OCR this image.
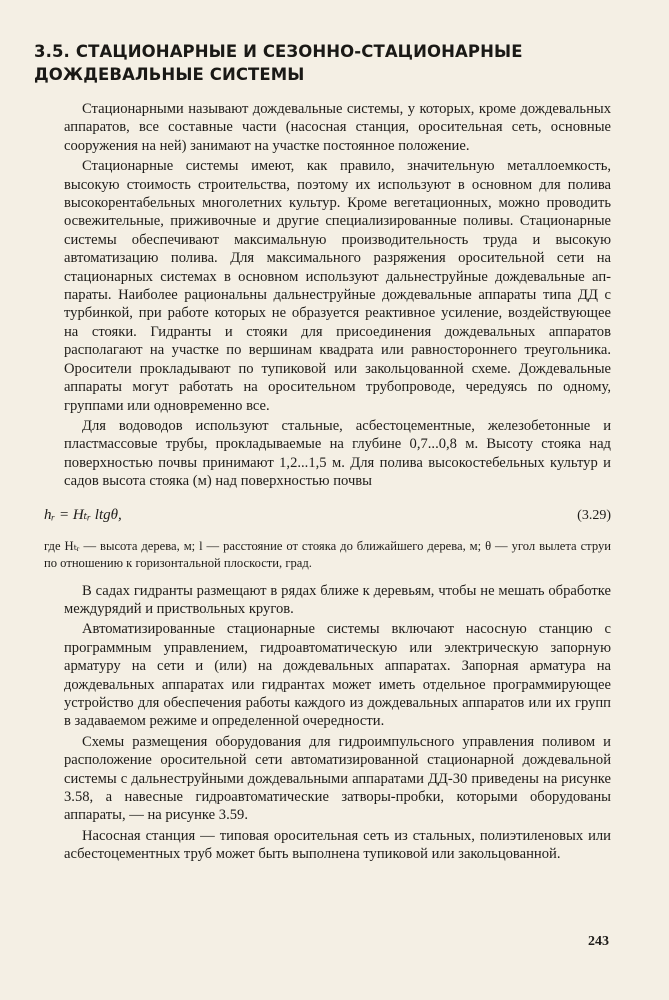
3.5. СТАЦИОНАРНЫЕ И СЕЗОННО-СТАЦИОНАРНЫЕ ДОЖДЕВАЛЬНЫЕ СИСТЕМЫ

Стационарными называют дождевальные системы, у которых, кроме дождевальных аппаратов, все составные части (насосная станция, оросительная сеть, основные сооружения на ней) занимают на участке постоянное положение.

Стационарные системы имеют, как правило, значительную металлоемкость, высокую стоимость строительства, поэтому их используют в основном для полива высокорентабельных многолетних культур. Кроме вегетационных, можно проводить освежительные, приживочные и другие специализированные поливы. Стационарные системы обеспечивают максимальную производительность труда и высокую автоматизацию полива. Для максимального разряжения оросительной сети на стационарных системах в основном используют дальнеструйные дождевальные аппараты. Наиболее рациональны дальнеструйные дождевальные аппараты типа ДД с турбинкой, при работе которых не образуется реактивное усиление, воздействующее на стояки. Гидранты и стояки для присоединения дождевальных аппаратов располагают на участке по вершинам квадрата или равностороннего треугольника. Оросители прокладывают по тупиковой или закольцованной схеме. Дождевальные аппараты могут работать на оросительном трубопроводе, чередуясь по одному, группами или одновременно все.

Для водоводов используют стальные, асбестоцементные, железобетонные и пластмассовые трубы, прокладываемые на глубине 0,7...0,8 м. Высоту стояка над поверхностью почвы принимают 1,2...1,5 м. Для полива высокостебельных культур и садов высота стояка (м) над поверхностью почвы

hᵣ = Hₜᵣ ltgθ,	(3.29)

где Hₜᵣ — высота дерева, м; l — расстояние от стояка до ближайшего дерева, м; θ — угол вылета струи по отношению к горизонтальной плоскости, град.

В садах гидранты размещают в рядах ближе к деревьям, чтобы не мешать обработке междурядий и приствольных кругов.

Автоматизированные стационарные системы включают насосную станцию с программным управлением, гидроавтоматическую или электрическую запорную арматуру на сети и (или) на дождевальных аппаратах. Запорная арматура на дождевальных аппаратах или гидрантах может иметь отдельное программирующее устройство для обеспечения работы каждого из дождевальных аппаратов или их групп в задаваемом режиме и определенной очередности.

Схемы размещения оборудования для гидроимпульсного управления поливом и расположение оросительной сети автоматизированной стационарной дождевальной системы с дальнеструйными дождевальными аппаратами ДД-30 приведены на рисунке 3.58, а навесные гидроавтоматические затворы-пробки, которыми оборудованы аппараты, — на рисунке 3.59.

Насосная станция — типовая оросительная сеть из стальных, полиэтиленовых или асбестоцементных труб может быть выполнена тупиковой или закольцованной.

243
